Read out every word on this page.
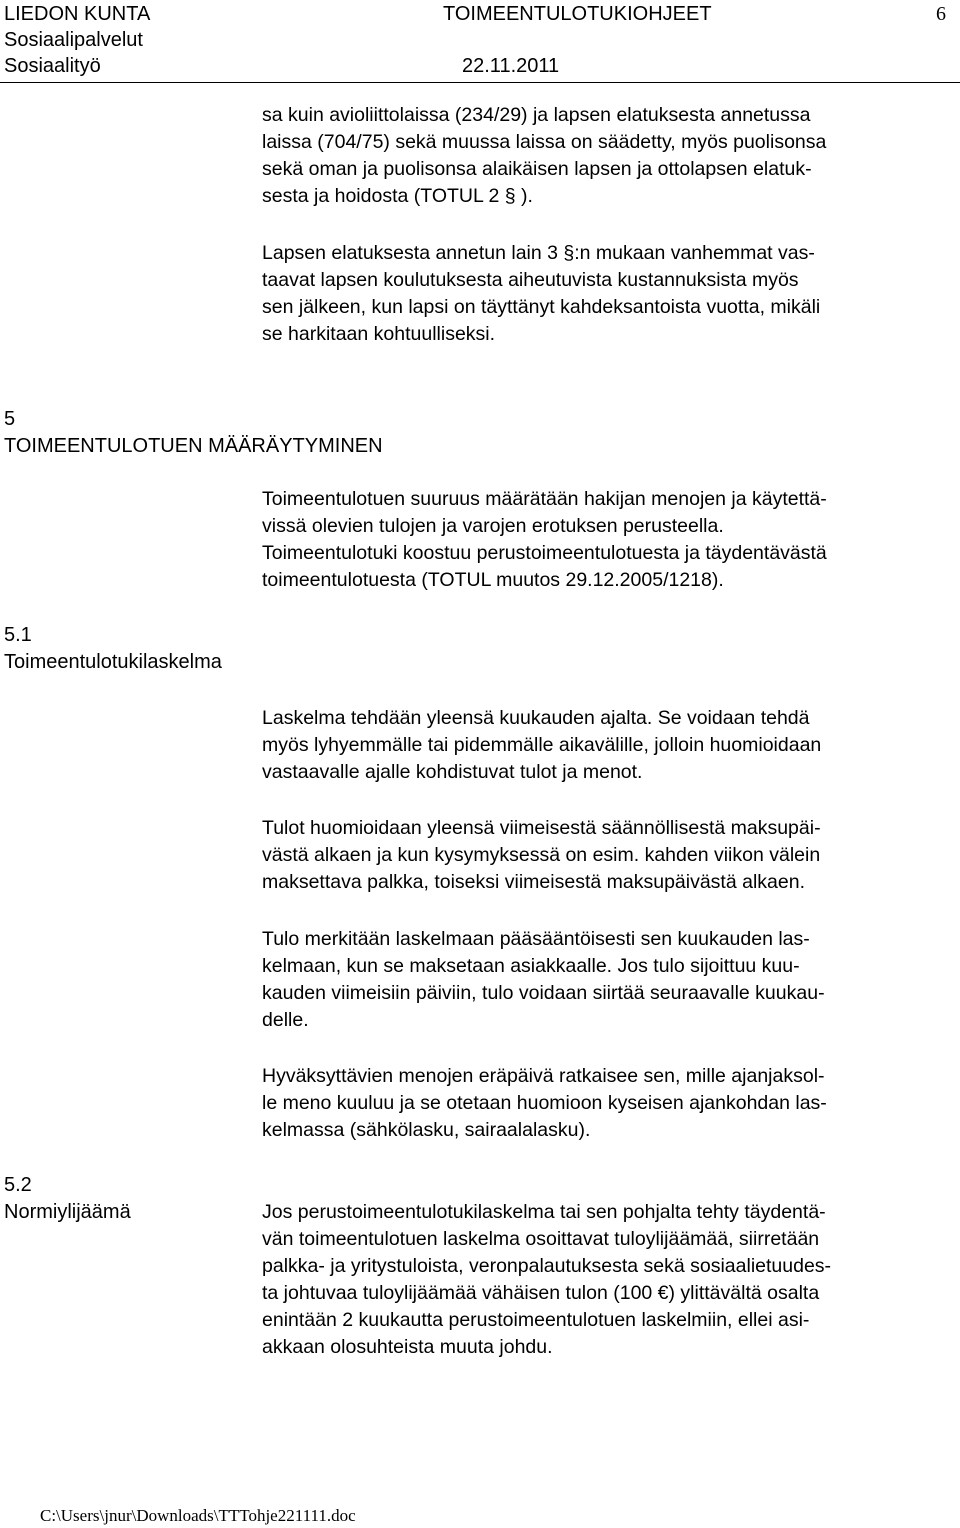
LIEDON KUNTA
Sosiaalipalvelut
Sosiaalityö
TOIMEENTULOTUKIOHJEET
22.11.2011
6
sa kuin avioliittolaissa (234/29) ja lapsen elatuksesta annetussa
laissa (704/75) sekä muussa laissa on säädetty, myös puolisonsa
sekä oman ja puolisonsa alaikäisen lapsen ja ottolapsen elatuk-
sesta ja hoidosta (TOTUL 2 § ).
Lapsen elatuksesta annetun lain 3 §:n mukaan vanhemmat vas-
taavat lapsen koulutuksesta aiheutuvista kustannuksista myös
sen jälkeen, kun lapsi on täyttänyt kahdeksantoista vuotta, mikäli
se harkitaan kohtuulliseksi.
5
TOIMEENTULOTUEN MÄÄRÄYTYMINEN
Toimeentulotuen suuruus määrätään hakijan menojen ja käytettä-
vissä olevien tulojen ja varojen erotuksen perusteella.
Toimeentulotuki koostuu perustoimeentulotuesta ja täydentävästä
toimeentulotuesta (TOTUL muutos 29.12.2005/1218).
5.1
Toimeentulotukilaskelma
Laskelma tehdään yleensä kuukauden ajalta. Se voidaan tehdä
myös lyhyemmälle tai pidemmälle aikavälille, jolloin huomioidaan
vastaavalle ajalle kohdistuvat tulot ja menot.
Tulot huomioidaan yleensä viimeisestä säännöllisestä maksupäi-
västä alkaen ja kun kysymyksessä on esim. kahden viikon välein
maksettava palkka, toiseksi viimeisestä maksupäivästä alkaen.
Tulo merkitään laskelmaan pääsääntöisesti sen kuukauden las-
kelmaan, kun se maksetaan asiakkaalle. Jos tulo sijoittuu kuu-
kauden viimeisiin päiviin, tulo voidaan siirtää seuraavalle kuukau-
delle.
Hyväksyttävien menojen eräpäivä ratkaisee sen, mille ajanjaksol-
le meno kuuluu ja se otetaan huomioon kyseisen ajankohdan las-
kelmassa (sähkölasku, sairaalalasku).
5.2
Normiylijäämä	Jos perustoimeentulotukilaskelma tai sen pohjalta tehty täydentä-
vän toimeentulotuen laskelma osoittavat tuloylijäämää, siirretään
palkka- ja yritystuloista, veronpalautuksesta sekä sosiaalietuudes-
ta johtuvaa tuloylijäämää vähäisen tulon (100 €) ylittävältä osalta
enintään 2 kuukautta perustoimeentulotuen laskelmiin, ellei asi-
akkaan olosuhteista muuta johdu.
C:\Users\jnur\Downloads\TTTohje221111.doc
